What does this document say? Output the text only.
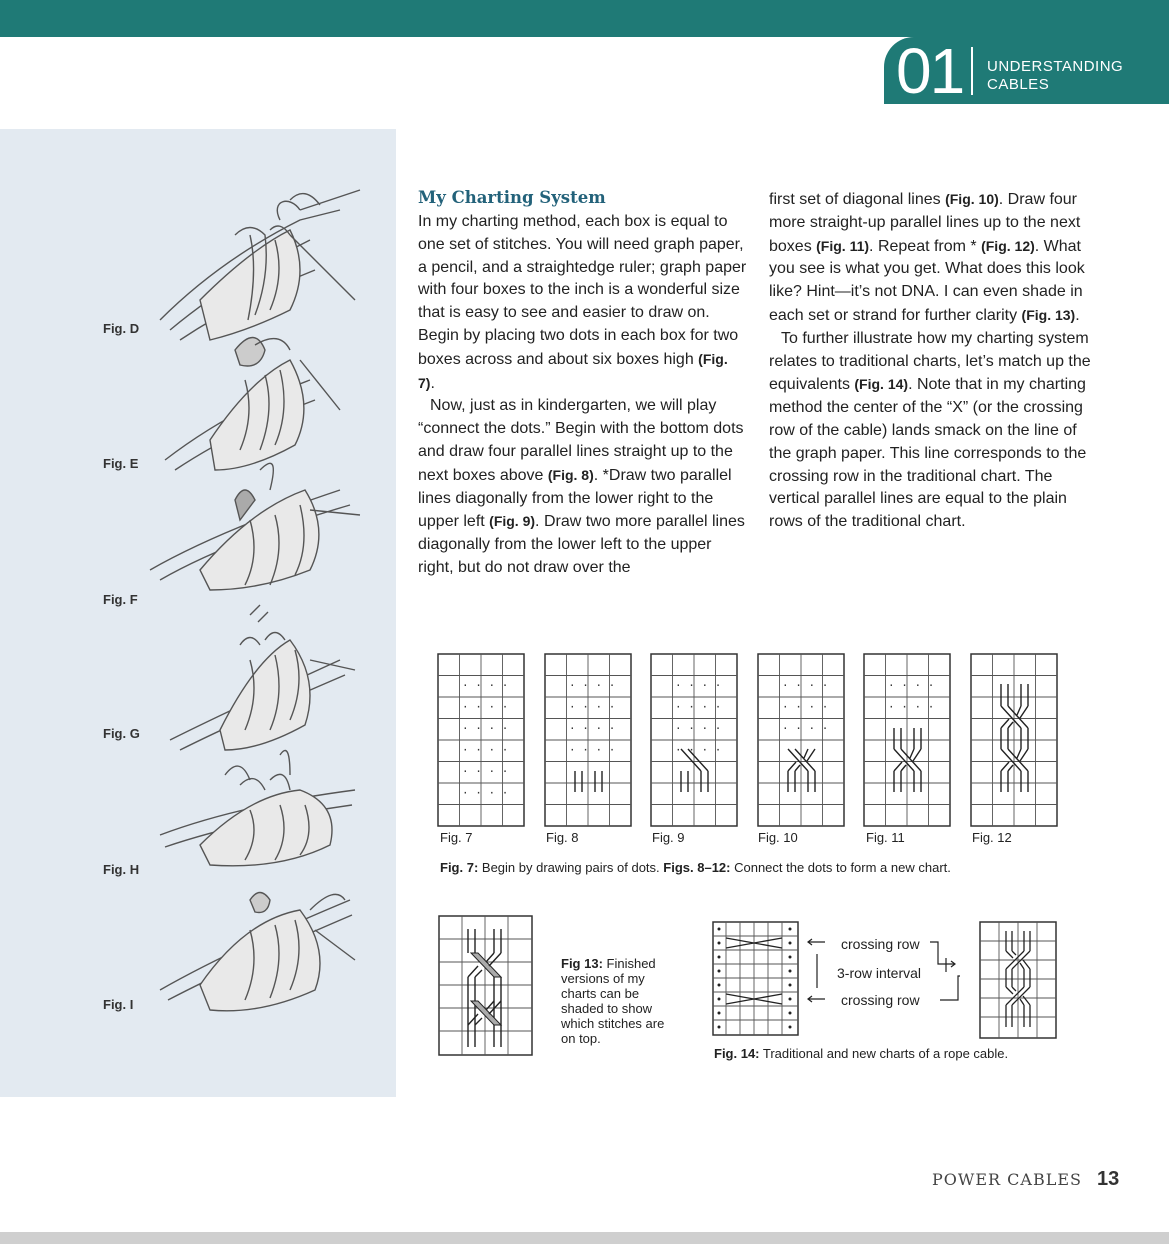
01 UNDERSTANDING
CABLES
Fig. D
Fig. E
Fig. F
Fig. G
Fig. H
Fig. I
My Charting System

In my charting method, each box is equal to one set of stitches. You will need graph paper, a pencil, and a straightedge ruler; graph paper with four boxes to the inch is a wonderful size that is easy to see and easier to draw on. Begin by placing two dots in each box for two boxes across and about six boxes high (Fig. 7).

Now, just as in kindergarten, we will play “connect the dots.” Begin with the bottom dots and draw four parallel lines straight up to the next boxes above (Fig. 8). *Draw two parallel lines diagonally from the lower right to the upper left (Fig. 9). Draw two more parallel lines diagonally from the lower left to the upper right, but do not draw over the

first set of diagonal lines (Fig. 10). Draw four more straight-up parallel lines up to the next boxes (Fig. 11). Repeat from * (Fig. 12). What you see is what you get. What does this look like? Hint—it’s not DNA. I can even shade in each set or strand for further clarity (Fig. 13).

To further illustrate how my charting system relates to traditional charts, let’s match up the equivalents (Fig. 14). Note that in my charting method the center of the “X” (or the crossing row of the cable) lands smack on the line of the graph paper. This line corresponds to the crossing row in the traditional chart. The vertical parallel lines are equal to the plain rows of the traditional chart.

Fig. 7	Fig. 8	Fig. 9	Fig. 10	Fig. 11	Fig. 12
Fig. 7: Begin by drawing pairs of dots. Figs. 8–12: Connect the dots to form a new chart.
Fig 13: Finished versions of my charts can be shaded to show which stitches are on top.
crossing row
3-row interval
crossing row
Fig. 14: Traditional and new charts of a rope cable.
POWER CABLES 13
